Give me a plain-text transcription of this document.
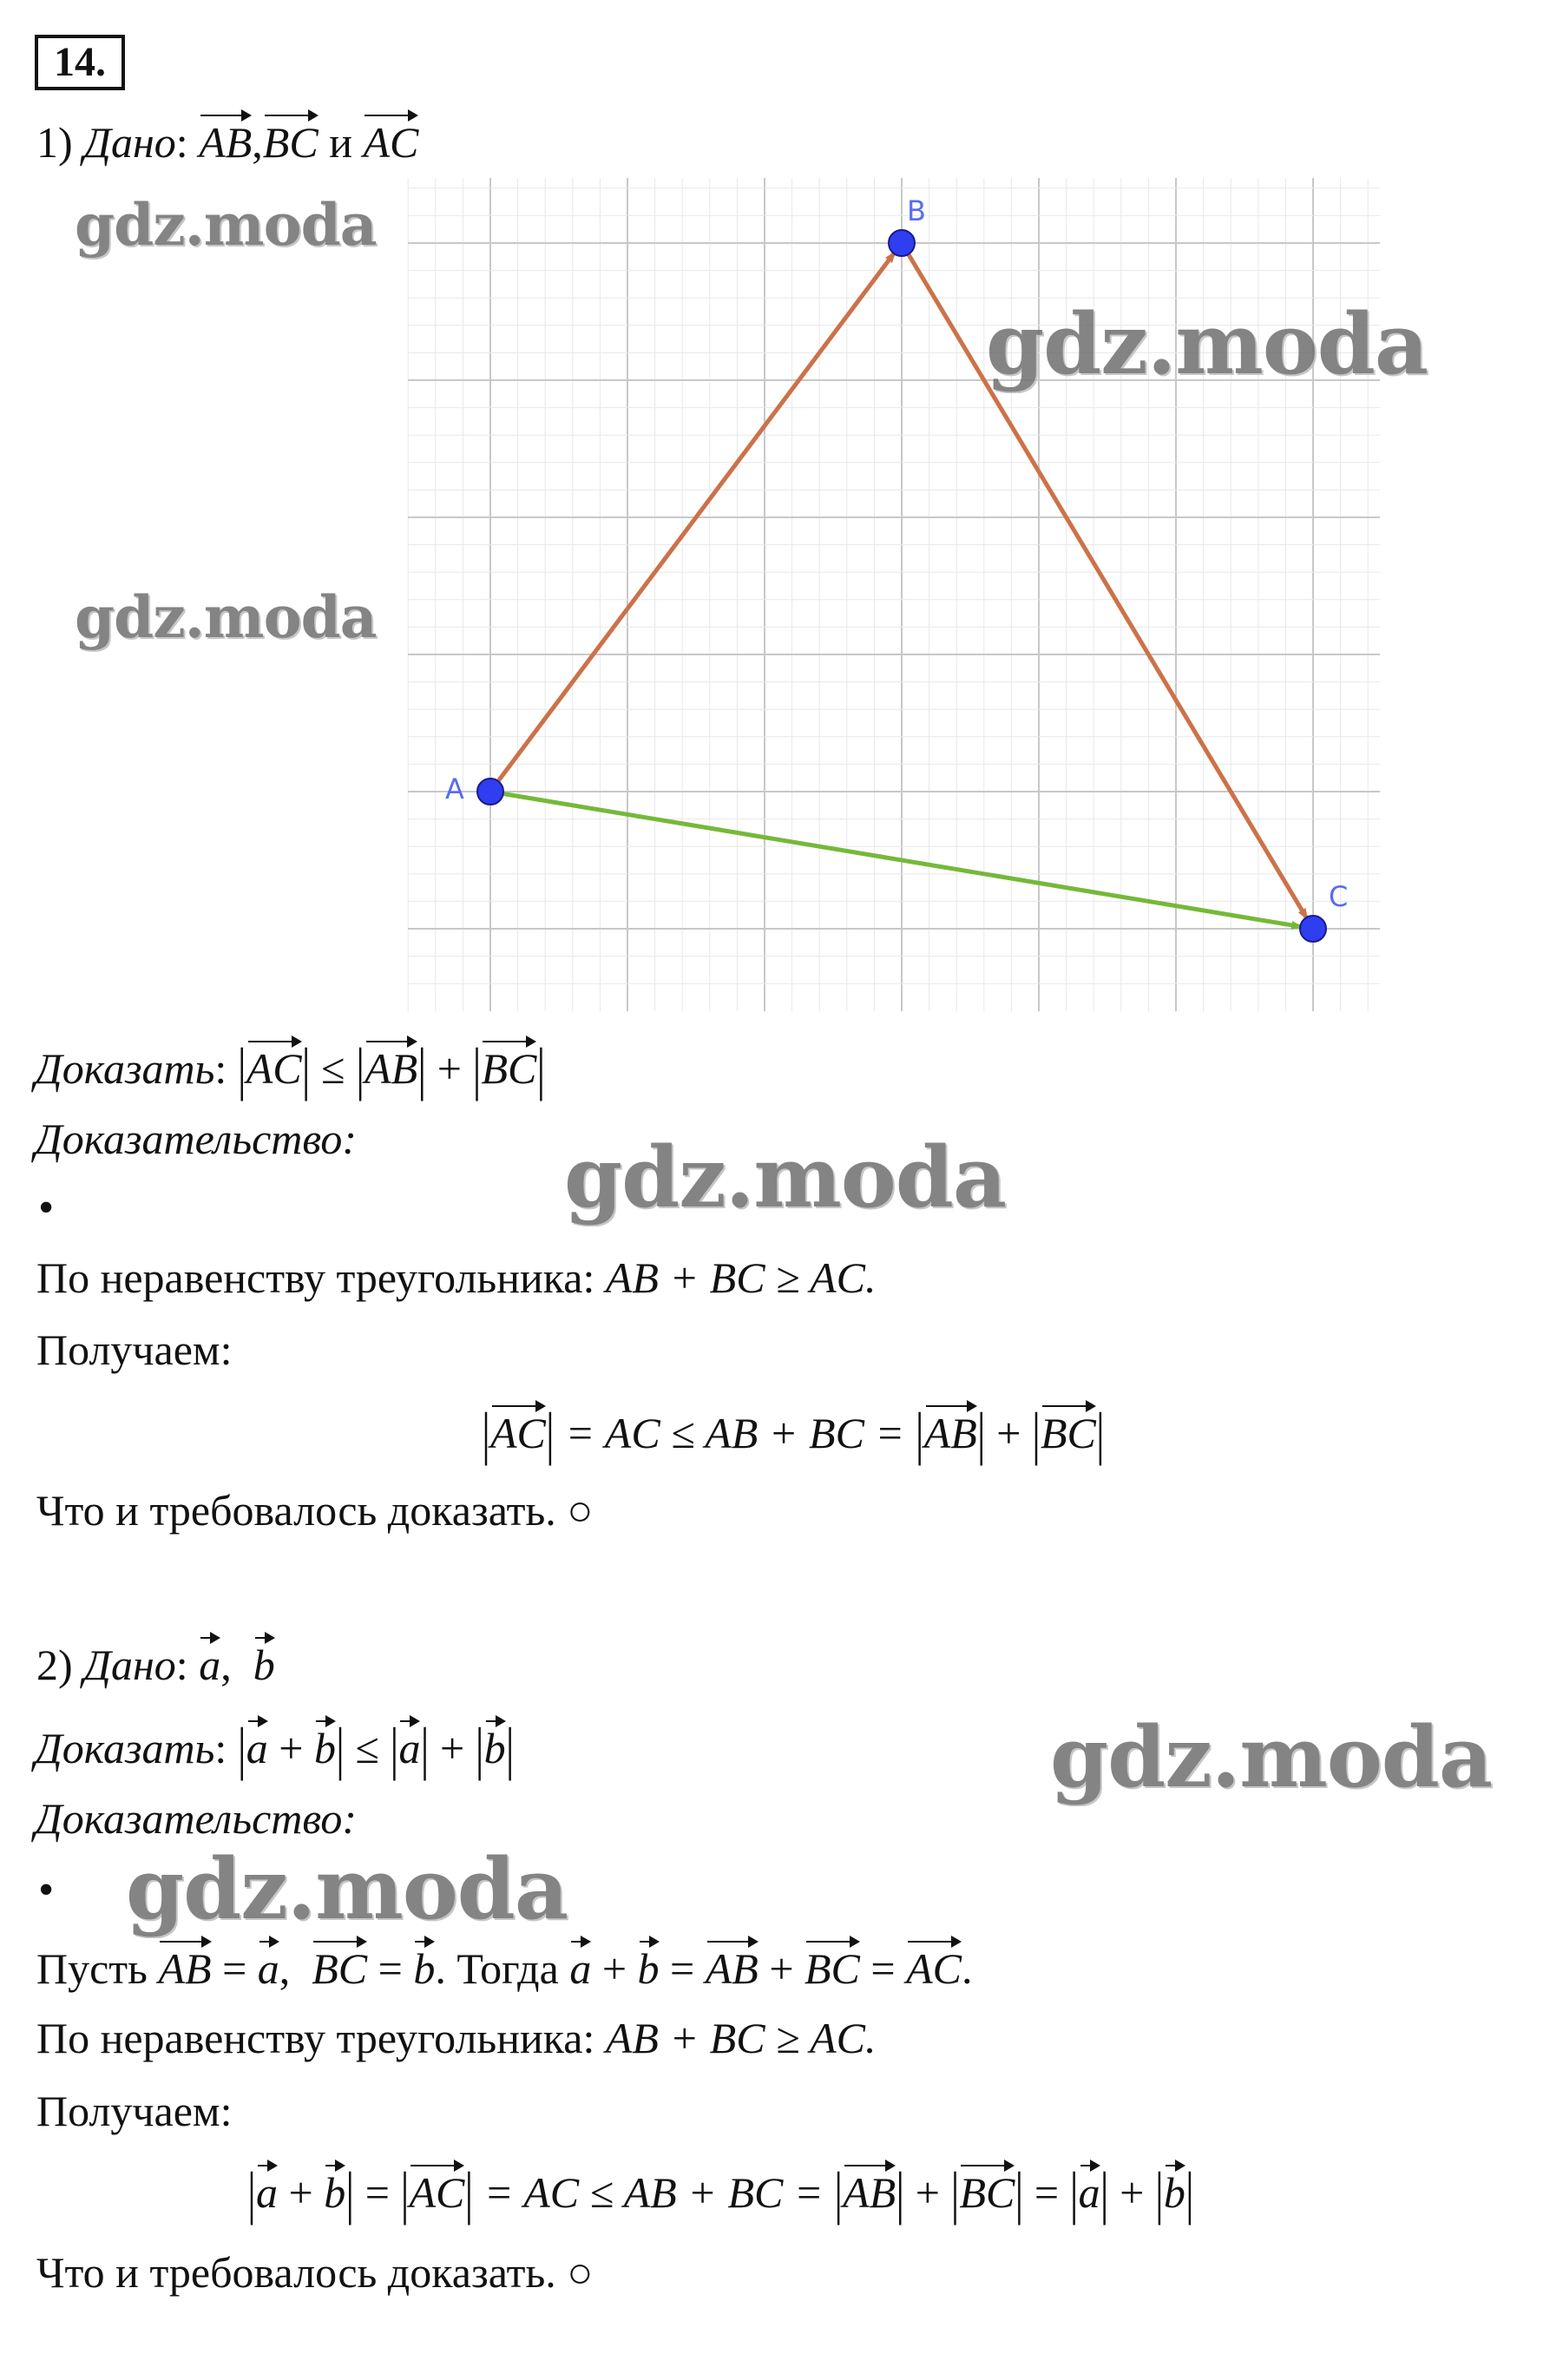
14.
1) Дано: AB,BC и AC
A
B
C
gdz.moda
gdz.moda
gdz.moda
gdz.moda
gdz.moda
gdz.moda
Доказать: |AC| ≤ |AB| + |BC|
Доказательство:
•
По неравенству треугольника: AB + BC ≥ AC.
Получаем:
|AC| = AC ≤ AB + BC = |AB| + |BC|
Что и требовалось доказать. ○
2) Дано: a,  b
Доказать: |a + b| ≤ |a| + |b|
Доказательство:
•
Пусть AB = a,  BC = b. Тогда a + b = AB + BC = AC.
По неравенству треугольника: AB + BC ≥ AC.
Получаем:
|a + b| = |AC| = AC ≤ AB + BC = |AB| + |BC| = |a| + |b|
Что и требовалось доказать. ○
